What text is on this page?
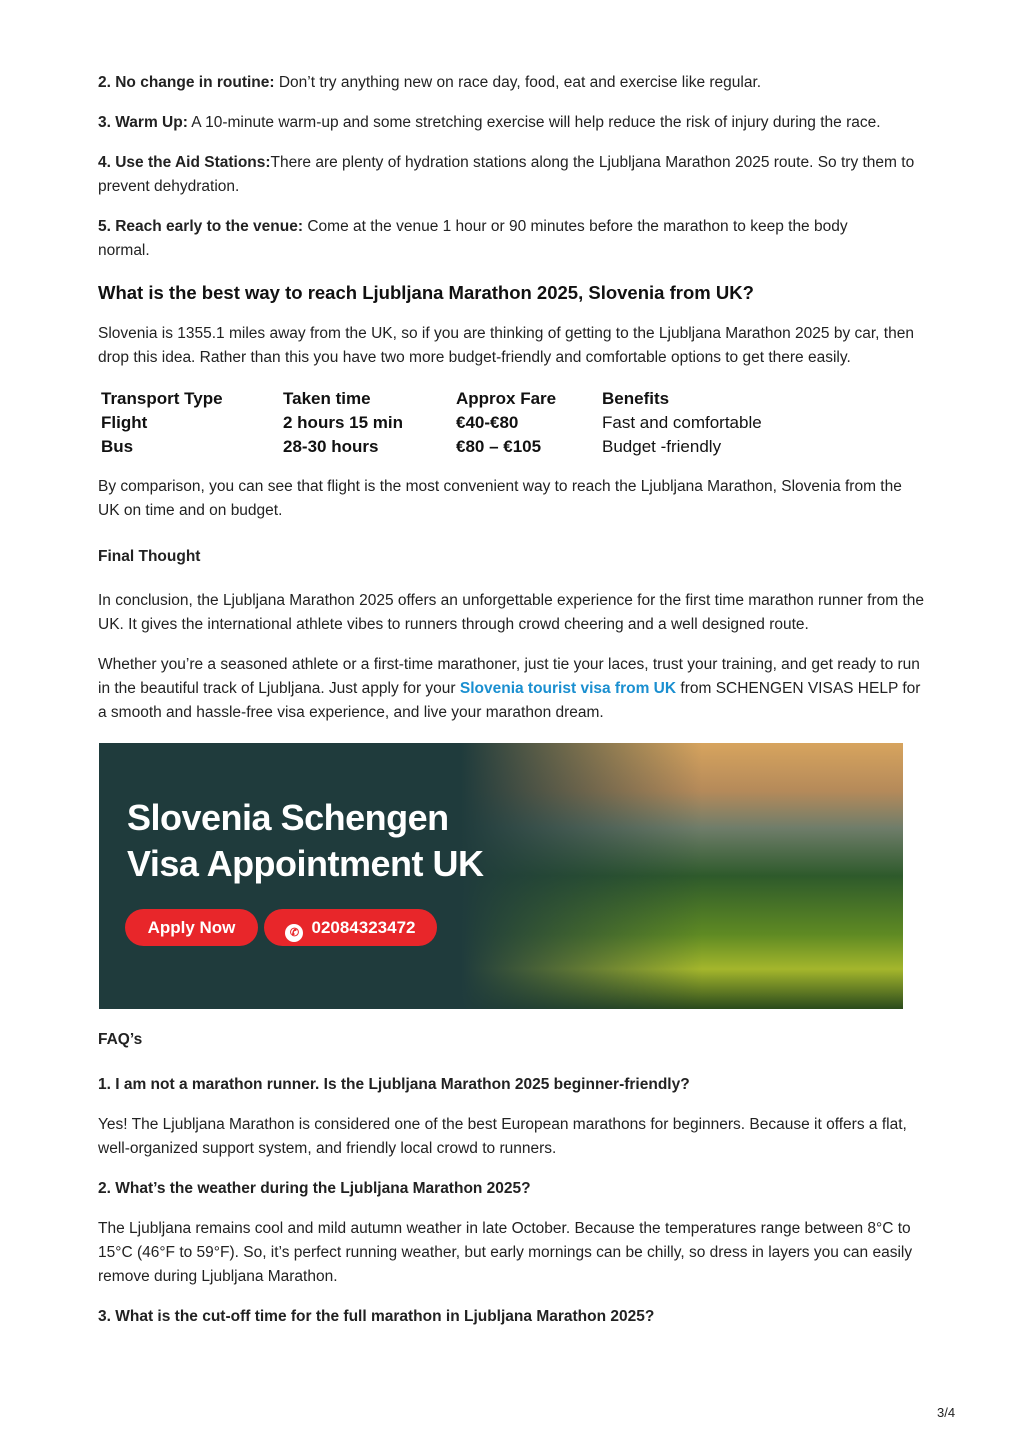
2. No change in routine: Don’t try anything new on race day, food, eat and exercise like regular.
3. Warm Up: A 10-minute warm-up and some stretching exercise will help reduce the risk of injury during the race.
4. Use the Aid Stations:There are plenty of hydration stations along the Ljubljana Marathon 2025 route. So try them to prevent dehydration.
5. Reach early to the venue: Come at the venue 1 hour or 90 minutes before the marathon to keep the body normal.
What is the best way to reach Ljubljana Marathon 2025, Slovenia from UK?
Slovenia is 1355.1 miles away from the UK, so if you are thinking of getting to the Ljubljana Marathon 2025 by car, then drop this idea. Rather than this you have two more budget-friendly and comfortable options to get there easily.
Transport Type	Taken time	Approx Fare	Benefits
Flight	2 hours 15 min	€40-€80	Fast and comfortable
Bus	28-30 hours	€80 – €105	Budget -friendly
By comparison, you can see that flight is the most convenient way to reach the Ljubljana Marathon, Slovenia from the UK on time and on budget.
Final Thought
In conclusion, the Ljubljana Marathon 2025 offers an unforgettable experience for the first time marathon runner from the UK. It gives the international athlete vibes to runners through crowd cheering and a well designed route.
Whether you’re a seasoned athlete or a first-time marathoner, just tie your laces, trust your training, and get ready to run in the beautiful track of Ljubljana. Just apply for your Slovenia tourist visa from UK from SCHENGEN VISAS HELP for a smooth and hassle-free visa experience, and live your marathon dream.
Slovenia Schengen
Visa Appointment UK
Apply Now	✆ 02084323472
FAQ’s
1. I am not a marathon runner. Is the Ljubljana Marathon 2025 beginner-friendly?
Yes! The Ljubljana Marathon is considered one of the best European marathons for beginners. Because it offers a flat, well-organized support system, and friendly local crowd to runners.
2. What’s the weather during the Ljubljana Marathon 2025?
The Ljubljana remains cool and mild autumn weather in late October. Because the temperatures range between 8°C to 15°C (46°F to 59°F). So, it’s perfect running weather, but early mornings can be chilly, so dress in layers you can easily remove during Ljubljana Marathon.
3. What is the cut-off time for the full marathon in Ljubljana Marathon 2025?
3/4
